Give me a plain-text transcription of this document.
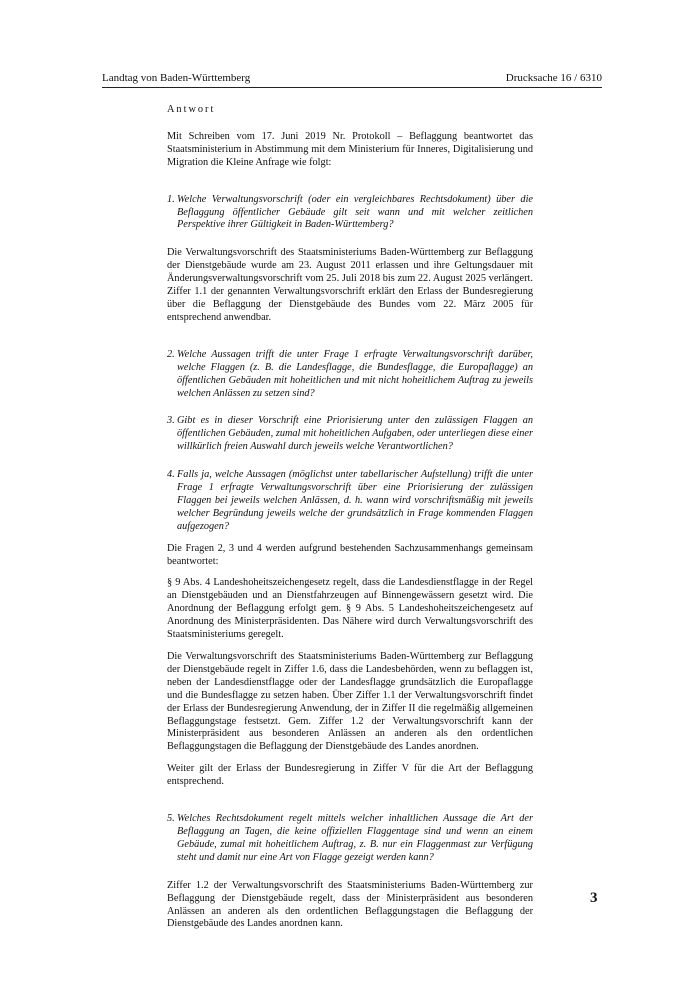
Landtag von Baden-Württemberg	Drucksache 16 / 6310
Antwort

Mit Schreiben vom 17. Juni 2019 Nr. Protokoll – Beflaggung beantwortet das Staatsministerium in Abstimmung mit dem Ministerium für Inneres, Digitalisierung und Migration die Kleine Anfrage wie folgt:

1. Welche Verwaltungsvorschrift (oder ein vergleichbares Rechtsdokument) über die Beflaggung öffentlicher Gebäude gilt seit wann und mit welcher zeitlichen Perspektive ihrer Gültigkeit in Baden-Württemberg?

Die Verwaltungsvorschrift des Staatsministeriums Baden-Württemberg zur Beflaggung der Dienstgebäude wurde am 23. August 2011 erlassen und ihre Geltungsdauer mit Änderungsverwaltungsvorschrift vom 25. Juli 2018 bis zum 22. August 2025 verlängert. Ziffer 1.1 der genannten Verwaltungsvorschrift erklärt den Erlass der Bundesregierung über die Beflaggung der Dienstgebäude des Bundes vom 22. März 2005 für entsprechend anwendbar.

2. Welche Aussagen trifft die unter Frage 1 erfragte Verwaltungsvorschrift darüber, welche Flaggen (z. B. die Landesflagge, die Bundesflagge, die Europaflagge) an öffentlichen Gebäuden mit hoheitlichen und mit nicht hoheitlichem Auftrag zu jeweils welchen Anlässen zu setzen sind?
3. Gibt es in dieser Vorschrift eine Priorisierung unter den zulässigen Flaggen an öffentlichen Gebäuden, zumal mit hoheitlichen Aufgaben, oder unterliegen diese einer willkürlich freien Auswahl durch jeweils welche Verantwortlichen?
4. Falls ja, welche Aussagen (möglichst unter tabellarischer Aufstellung) trifft die unter Frage 1 erfragte Verwaltungsvorschrift über eine Priorisierung der zulässigen Flaggen bei jeweils welchen Anlässen, d. h. wann wird vorschriftsmäßig mit jeweils welcher Begründung jeweils welche der grundsätzlich in Frage kommenden Flaggen aufgezogen?

Die Fragen 2, 3 und 4 werden aufgrund bestehenden Sachzusammenhangs gemeinsam beantwortet:

§ 9 Abs. 4 Landeshoheitszeichengesetz regelt, dass die Landesdienstflagge in der Regel an Dienstgebäuden und an Dienstfahrzeugen auf Binnengewässern gesetzt wird. Die Anordnung der Beflaggung erfolgt gem. § 9 Abs. 5 Landeshoheitszeichengesetz auf Anordnung des Ministerpräsidenten. Das Nähere wird durch Verwaltungsvorschrift des Staatsministeriums geregelt.

Die Verwaltungsvorschrift des Staatsministeriums Baden-Württemberg zur Beflaggung der Dienstgebäude regelt in Ziffer 1.6, dass die Landesbehörden, wenn zu beflaggen ist, neben der Landesdienstflagge oder der Landesflagge grundsätzlich die Europaflagge und die Bundesflagge zu setzen haben. Über Ziffer 1.1 der Verwaltungsvorschrift findet der Erlass der Bundesregierung Anwendung, der in Ziffer II die regelmäßig allgemeinen Beflaggungstage festsetzt. Gem. Ziffer 1.2 der Verwaltungsvorschrift kann der Ministerpräsident aus besonderen Anlässen an anderen als den ordentlichen Beflaggungstagen die Beflaggung der Dienstgebäude des Landes anordnen.

Weiter gilt der Erlass der Bundesregierung in Ziffer V für die Art der Beflaggung entsprechend.

5. Welches Rechtsdokument regelt mittels welcher inhaltlichen Aussage die Art der Beflaggung an Tagen, die keine offiziellen Flaggentage sind und wenn an einem Gebäude, zumal mit hoheitlichem Auftrag, z. B. nur ein Flaggenmast zur Verfügung steht und damit nur eine Art von Flagge gezeigt werden kann?

Ziffer 1.2 der Verwaltungsvorschrift des Staatsministeriums Baden-Württemberg zur Beflaggung der Dienstgebäude regelt, dass der Ministerpräsident aus besonderen Anlässen an anderen als den ordentlichen Beflaggungstagen die Beflaggung der Dienstgebäude des Landes anordnen kann.

3
